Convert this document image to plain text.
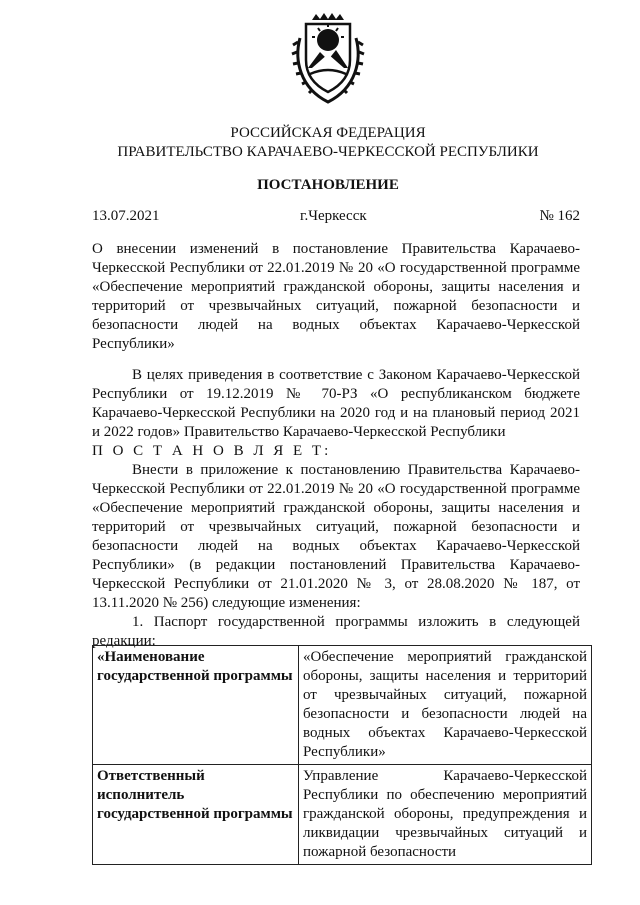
РОССИЙСКАЯ ФЕДЕРАЦИЯ
ПРАВИТЕЛЬСТВО КАРАЧАЕВО-ЧЕРКЕССКОЙ РЕСПУБЛИКИ
ПОСТАНОВЛЕНИЕ
13.07.2021	г.Черкесск	№ 162

О внесении изменений в постановление Правительства Карачаево-Черкесской Республики от 22.01.2019 № 20 «О государственной программе «Обеспечение мероприятий гражданской обороны, защиты населения и территорий от чрезвычайных ситуаций, пожарной безопасности и безопасности людей на водных объектах Карачаево-Черкесской Республики»

В целях приведения в соответствие с Законом Карачаево-Черкесской Республики от 19.12.2019 № 70-РЗ «О республиканском бюджете Карачаево-Черкесской Республики на 2020 год и на плановый период 2021 и 2022 годов» Правительство Карачаево-Черкесской Республики

П О С Т А Н О В Л Я Е Т:

Внести в приложение к постановлению Правительства Карачаево-Черкесской Республики от 22.01.2019 № 20 «О государственной программе «Обеспечение мероприятий гражданской обороны, защиты населения и территорий от чрезвычайных ситуаций, пожарной безопасности и безопасности людей на водных объектах Карачаево-Черкесской Республики» (в редакции постановлений Правительства Карачаево-Черкесской Республики от 21.01.2020 № 3, от 28.08.2020 № 187, от 13.11.2020 № 256) следующие изменения:

1. Паспорт государственной программы изложить в следующей редакции:

«Наименование государственной программы	«Обеспечение мероприятий гражданской обороны, защиты населения и территорий от чрезвычайных ситуаций, пожарной безопасности и безопасности людей на водных объектах Карачаево-Черкесской Республики»
Ответственный исполнитель государственной программы	Управление Карачаево-Черкесской Республики по обеспечению мероприятий гражданской обороны, предупреждения и ликвидации чрезвычайных ситуаций и пожарной безопасности
